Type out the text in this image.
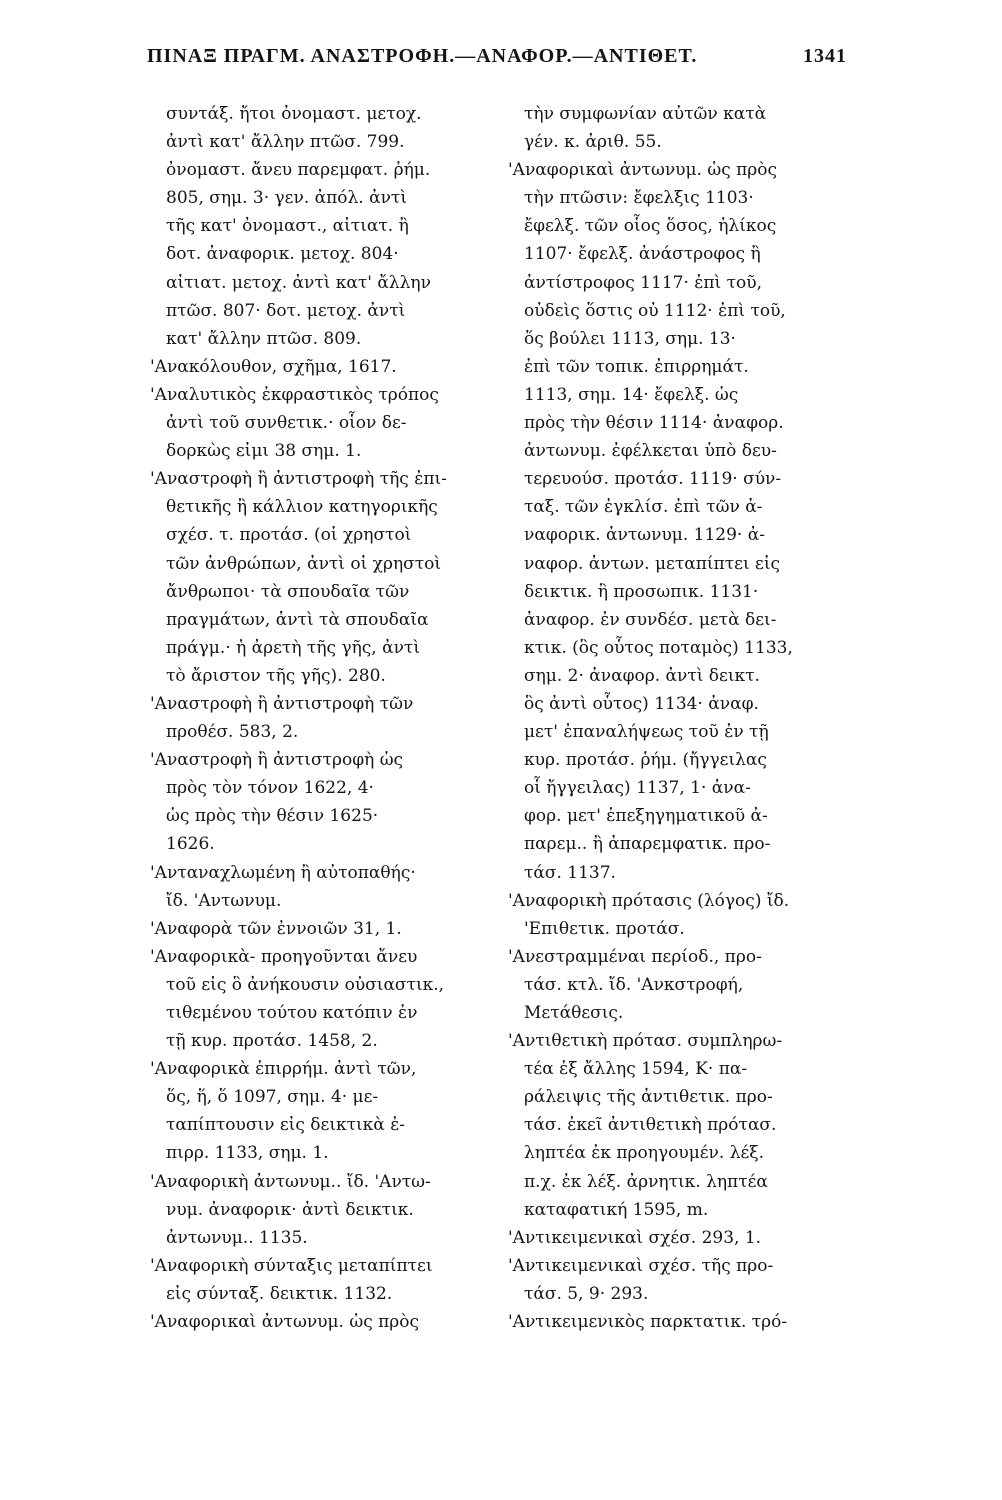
ΠΙΝΑΞ ΠΡΑΓΜ. ΑΝΑΣΤΡΟΦΗ.—ΑΝΑΦΟΡ.—ΑΝΤΙΘΕΤ.	1341
συντάξ. ἤτοι ὀνομαστ. μετοχ.
ἀντὶ κατ' ἄλλην πτῶσ. 799.
ὀνομαστ. ἄνευ παρεμφατ. ῥήμ.
805, σημ. 3· γεν. ἀπόλ. ἀντὶ
τῆς κατ' ὀνομαστ., αἰτιατ. ἢ
δοτ. ἀναφορικ. μετοχ. 804·
αἰτιατ. μετοχ. ἀντὶ κατ' ἄλλην
πτῶσ. 807· δοτ. μετοχ. ἀντὶ
κατ' ἄλλην πτῶσ. 809.
'Ανακόλουθον, σχῆμα, 1617.
'Αναλυτικὸς ἐκφραστικὸς τρόπος
ἀντὶ τοῦ συνθετικ.· οἷον δε-
δορκὼς εἰμι 38 σημ. 1.
'Αναστροφὴ ἢ ἀντιστροφὴ τῆς ἐπι-
θετικῆς ἢ κάλλιον κατηγορικῆς
σχέσ. τ. προτάσ. (οἱ χρηστοὶ
τῶν ἀνθρώπων, ἀντὶ οἱ χρηστοὶ
ἄνθρωποι· τὰ σπουδαῖα τῶν
πραγμάτων, ἀντὶ τὰ σπουδαῖα
πράγμ.· ἡ ἀρετὴ τῆς γῆς, ἀντὶ
τὸ ἄριστον τῆς γῆς). 280.
'Αναστροφὴ ἢ ἀντιστροφὴ τῶν
προθέσ. 583, 2.
'Αναστροφὴ ἢ ἀντιστροφὴ ὡς
πρὸς τὸν τόνον 1622, 4·
ὡς πρὸς τὴν θέσιν 1625·
1626.
'Ανταναχλωμένη ἢ αὐτοπαθής·
ἴδ. 'Αντωνυμ.
'Αναφορὰ τῶν ἐννοιῶν 31, 1.
'Αναφορικὰ- προηγοῦνται ἄνευ
τοῦ εἰς ὃ ἀνήκουσιν οὐσιαστικ.,
τιθεμένου τούτου κατόπιν ἐν
τῇ κυρ. προτάσ. 1458, 2.
'Αναφορικὰ ἐπιρρήμ. ἀντὶ τῶν,
ὅς, ἥ, ὅ 1097, σημ. 4· με-
ταπίπτουσιν εἰς δεικτικὰ ἐ-
πιρρ. 1133, σημ. 1.
'Αναφορικὴ ἀντωνυμ.. ἴδ. 'Αντω-
νυμ. ἀναφορικ· ἀντὶ δεικτικ.
ἀντωνυμ.. 1135.
'Αναφορικὴ σύνταξις μεταπίπτει
εἰς σύνταξ. δεικτικ. 1132.
'Αναφορικαὶ ἀντωνυμ. ὡς πρὸς
τὴν συμφωνίαν αὐτῶν κατὰ
γέν. κ. ἀριθ. 55.
'Αναφορικαὶ ἀντωνυμ. ὡς πρὸς
τὴν πτῶσιν: ἔφελξις 1103·
ἔφελξ. τῶν οἷος ὅσος, ἡλίκος
1107· ἔφελξ. ἀνάστροφος ἢ
ἀντίστροφος 1117· ἐπὶ τοῦ,
οὐδεὶς ὅστις οὐ 1112· ἐπὶ τοῦ,
ὅς βούλει 1113, σημ. 13·
ἐπὶ τῶν τοπικ. ἐπιρρημάτ.
1113, σημ. 14· ἔφελξ. ὡς
πρὸς τὴν θέσιν 1114· ἀναφορ.
ἀντωνυμ. ἐφέλκεται ὑπὸ δευ-
τερευούσ. προτάσ. 1119· σύν-
ταξ. τῶν ἐγκλίσ. ἐπὶ τῶν ἀ-
ναφορικ. ἀντωνυμ. 1129· ἀ-
ναφορ. ἀντων. μεταπίπτει εἰς
δεικτικ. ἢ προσωπικ. 1131·
ἀναφορ. ἐν συνδέσ. μετὰ δει-
κτικ. (ὃς οὗτος ποταμὸς) 1133,
σημ. 2· ἀναφορ. ἀντὶ δεικτ.
ὃς ἀντὶ οὗτος) 1134· ἀναφ.
μετ' ἐπαναλήψεως τοῦ ἐν τῇ
κυρ. προτάσ. ῥήμ. (ἤγγειλας
οἷ ἤγγειλας) 1137, 1· ἀνα-
φορ. μετ' ἐπεξηγηματικοῦ ἀ-
παρεμ.. ἢ ἀπαρεμφατικ. προ-
τάσ. 1137.
'Αναφορικὴ πρότασις (λόγος) ἴδ.
'Επιθετικ. προτάσ.
'Ανεστραμμέναι περίοδ., προ-
τάσ. κτλ. ἴδ. 'Ανκστροφή,
Μετάθεσις.
'Αντιθετικὴ πρότασ. συμπληρω-
τέα ἐξ ἄλλης 1594, Κ· πα-
ράλειψις τῆς ἀντιθετικ. προ-
τάσ. ἐκεῖ ἀντιθετικὴ πρότασ.
ληπτέα ἐκ προηγουμέν. λέξ.
π.χ. ἐκ λέξ. ἀρνητικ. ληπτέα
καταφατική 1595, m.
'Αντικειμενικαὶ σχέσ. 293, 1.
'Αντικειμενικαὶ σχέσ. τῆς προ-
τάσ. 5, 9· 293.
'Αντικειμενικὸς παρκτατικ. τρό-
